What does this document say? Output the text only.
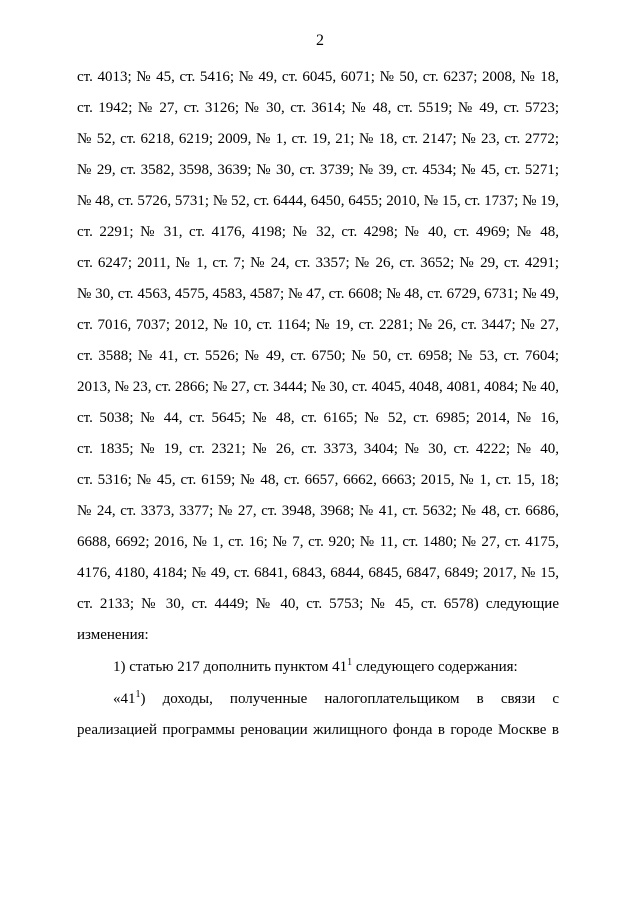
2
ст. 4013; № 45, ст. 5416; № 49, ст. 6045, 6071; № 50, ст. 6237; 2008, № 18,
ст. 1942; № 27, ст. 3126; № 30, ст. 3614; № 48, ст. 5519; № 49, ст. 5723;
№ 52, ст. 6218, 6219; 2009, № 1, ст. 19, 21; № 18, ст. 2147; № 23, ст. 2772;
№ 29, ст. 3582, 3598, 3639; № 30, ст. 3739; № 39, ст. 4534; № 45, ст. 5271;
№ 48, ст. 5726, 5731; № 52, ст. 6444, 6450, 6455; 2010, № 15, ст. 1737; № 19,
ст. 2291; № 31, ст. 4176, 4198; № 32, ст. 4298; № 40, ст. 4969; № 48,
ст. 6247; 2011, № 1, ст. 7; № 24, ст. 3357; № 26, ст. 3652; № 29, ст. 4291;
№ 30, ст. 4563, 4575, 4583, 4587; № 47, ст. 6608; № 48, ст. 6729, 6731; № 49,
ст. 7016, 7037; 2012, № 10, ст. 1164; № 19, ст. 2281; № 26, ст. 3447; № 27,
ст. 3588; № 41, ст. 5526; № 49, ст. 6750; № 50, ст. 6958; № 53, ст. 7604;
2013, № 23, ст. 2866; № 27, ст. 3444; № 30, ст. 4045, 4048, 4081, 4084; № 40,
ст. 5038; № 44, ст. 5645; № 48, ст. 6165; № 52, ст. 6985; 2014, № 16,
ст. 1835; № 19, ст. 2321; № 26, ст. 3373, 3404; № 30, ст. 4222; № 40,
ст. 5316; № 45, ст. 6159; № 48, ст. 6657, 6662, 6663; 2015, № 1, ст. 15, 18;
№ 24, ст. 3373, 3377; № 27, ст. 3948, 3968; № 41, ст. 5632; № 48, ст. 6686,
6688, 6692; 2016, № 1, ст. 16; № 7, ст. 920; № 11, ст. 1480; № 27, ст. 4175,
4176, 4180, 4184; № 49, ст. 6841, 6843, 6844, 6845, 6847, 6849; 2017, № 15,
ст. 2133; № 30, ст. 4449; № 40, ст. 5753; № 45, ст. 6578) следующие
изменения:
1) статью 217 дополнить пунктом $41^1$ следующего содержания:
«$41^1$) доходы, полученные налогоплательщиком в связи с
реализацией программы реновации жилищного фонда в городе Москве в
